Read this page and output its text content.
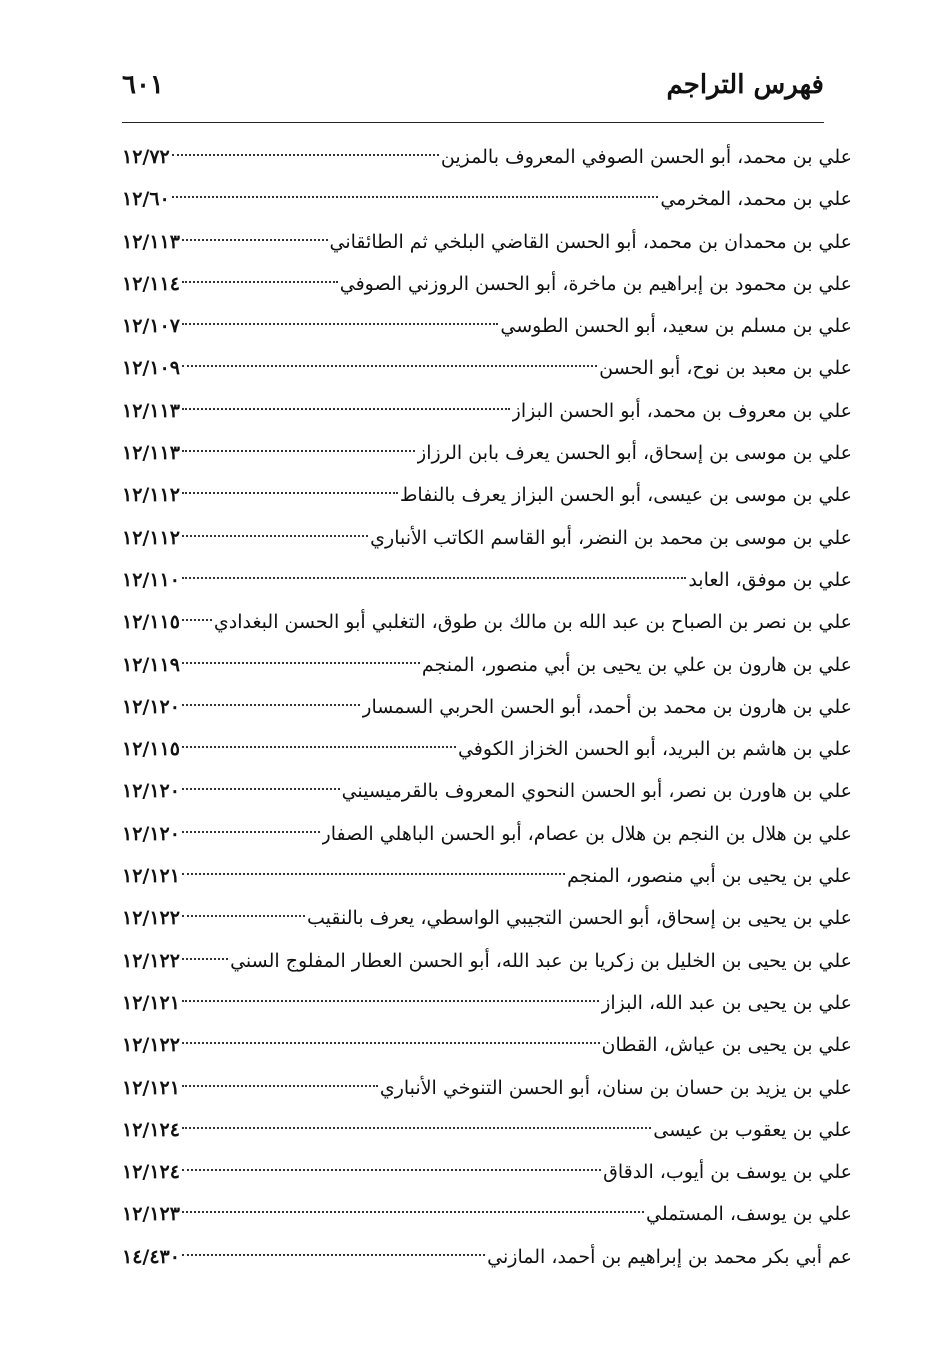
فهرس التراجم
٦٠١
علي بن محمد، أبو الحسن الصوفي المعروف بالمزين
١٢/٧٢
علي بن محمد، المخرمي
١٢/٦٠
علي بن محمدان بن محمد، أبو الحسن القاضي البلخي ثم الطائقاني
١٢/١١٣
علي بن محمود بن إبراهيم بن ماخرة، أبو الحسن الروزني الصوفي
١٢/١١٤
علي بن مسلم بن سعيد، أبو الحسن الطوسي
١٢/١٠٧
علي بن معبد بن نوح، أبو الحسن
١٢/١٠٩
علي بن معروف بن محمد، أبو الحسن البزاز
١٢/١١٣
علي بن موسى بن إسحاق، أبو الحسن يعرف بابن الرزاز
١٢/١١٣
علي بن موسى بن عيسى، أبو الحسن البزاز يعرف بالنفاط
١٢/١١٢
علي بن موسى بن محمد بن النضر، أبو القاسم الكاتب الأنباري
١٢/١١٢
علي بن موفق، العابد
١٢/١١٠
علي بن نصر بن الصباح بن عبد الله بن مالك بن طوق، التغلبي أبو الحسن البغدادي
١٢/١١٥
علي بن هارون بن علي بن يحيى بن أبي منصور، المنجم
١٢/١١٩
علي بن هارون بن محمد بن أحمد، أبو الحسن الحربي السمسار
١٢/١٢٠
علي بن هاشم بن البريد، أبو الحسن الخزاز الكوفي
١٢/١١٥
علي بن هاورن بن نصر، أبو الحسن النحوي المعروف بالقرميسيني
١٢/١٢٠
علي بن هلال بن النجم بن هلال بن عصام، أبو الحسن الباهلي الصفار
١٢/١٢٠
علي بن يحيى بن أبي منصور، المنجم
١٢/١٢١
علي بن يحيى بن إسحاق، أبو الحسن التجيبي الواسطي، يعرف بالنقيب
١٢/١٢٢
علي بن يحيى بن الخليل بن زكريا بن عبد الله، أبو الحسن العطار المفلوج السني
١٢/١٢٢
علي بن يحيى بن عبد الله، البزاز
١٢/١٢١
علي بن يحيى بن عياش، القطان
١٢/١٢٢
علي بن يزيد بن حسان بن سنان، أبو الحسن التنوخي الأنباري
١٢/١٢١
علي بن يعقوب بن عيسى
١٢/١٢٤
علي بن يوسف بن أيوب، الدقاق
١٢/١٢٤
علي بن يوسف، المستملي
١٢/١٢٣
عم أبي بكر محمد بن إبراهيم بن أحمد، المازني
١٤/٤٣٠
